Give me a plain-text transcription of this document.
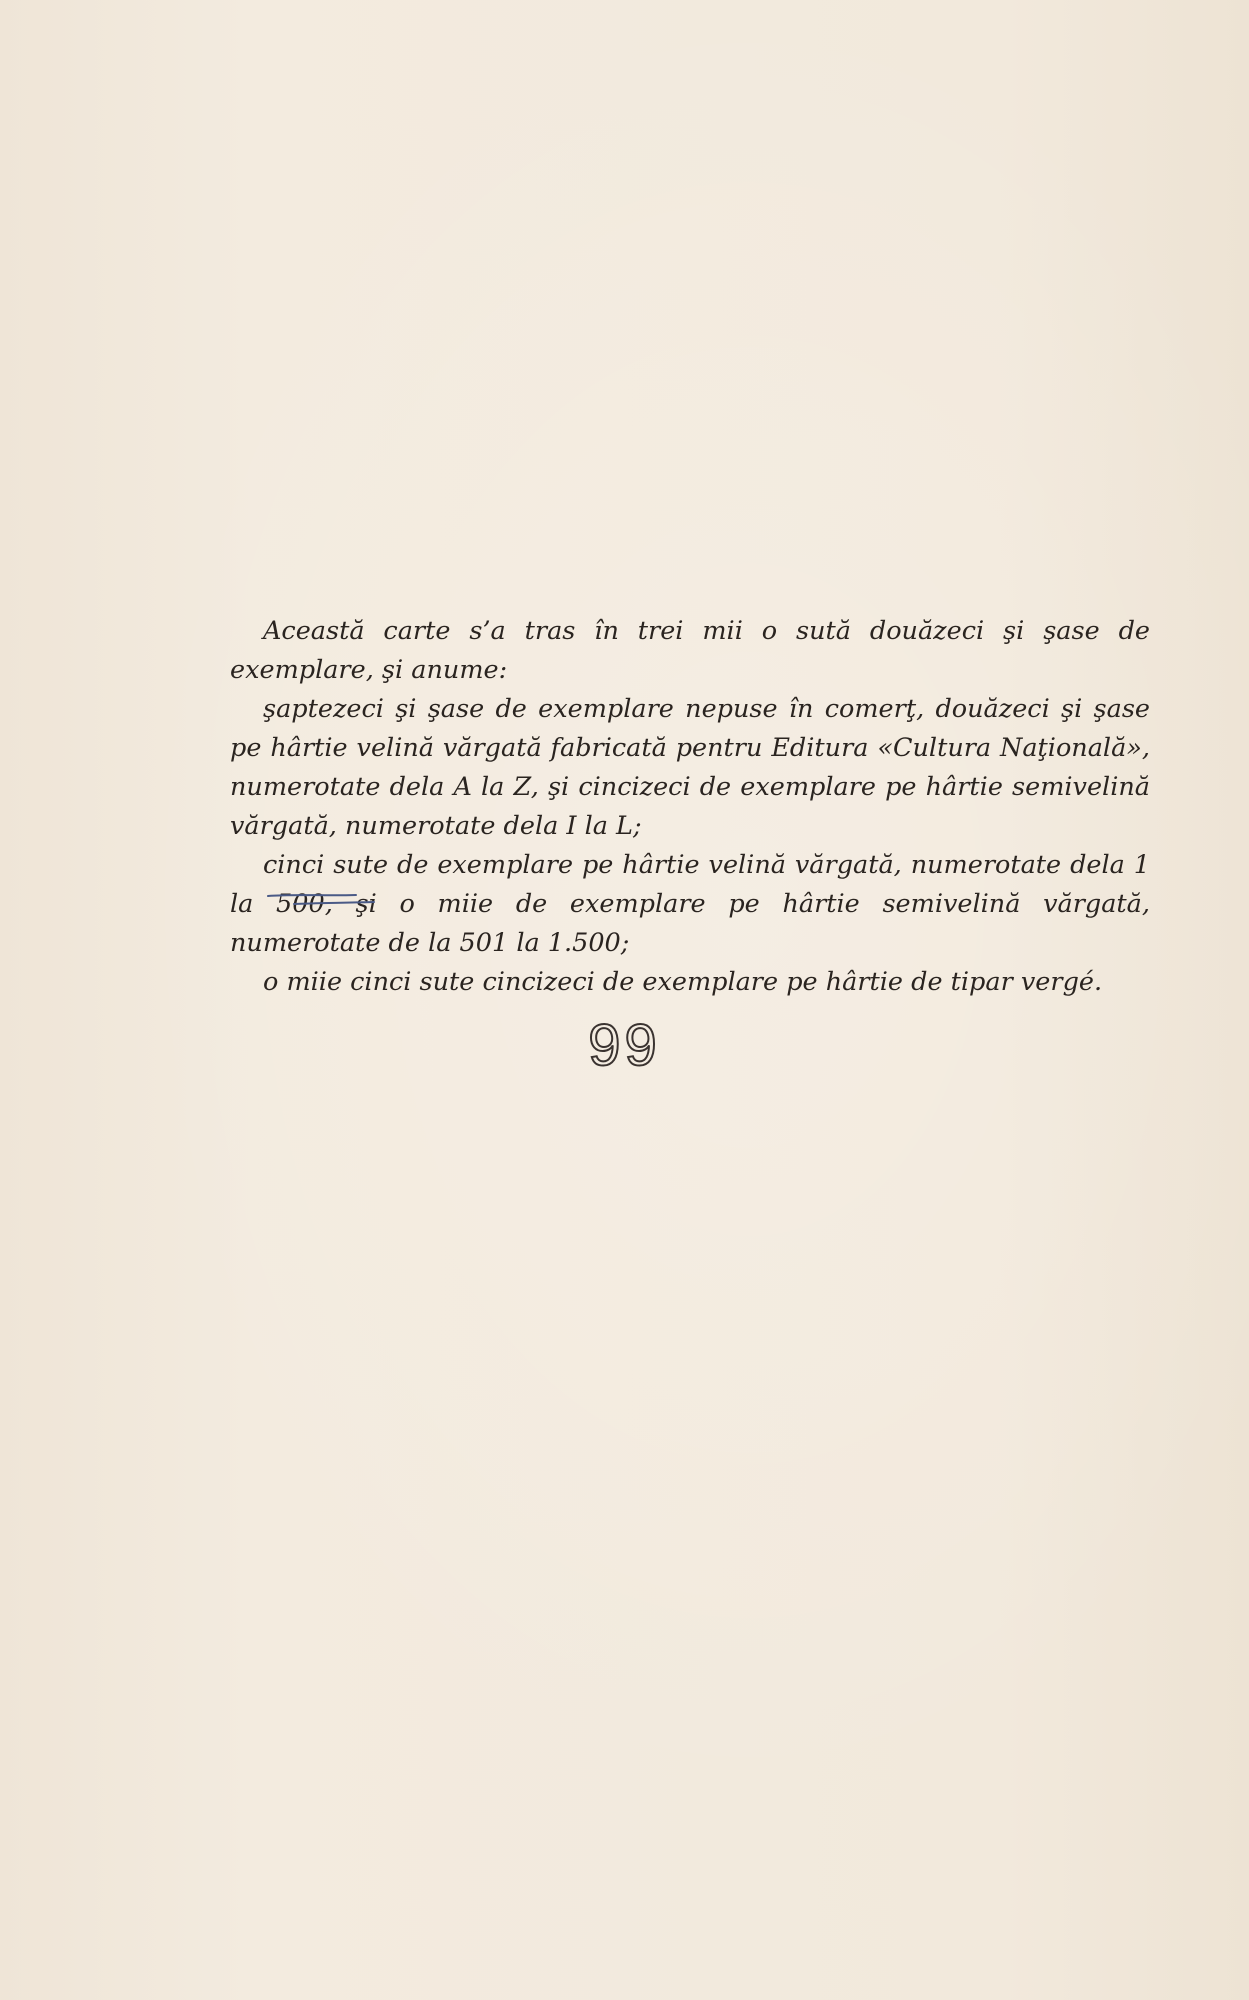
Această carte s’a tras în trei mii o sută douăzeci şi şase de exemplare, şi anume:

şaptezeci şi şase de exemplare nepuse în comerţ, douăzeci şi şase pe hârtie velină vărgată fabricată pentru Editura «Cultura Naţională», numerotate dela A la Z, şi cincizeci de exemplare pe hârtie semivelină vărgată, numerotate dela I la L;

cinci sute de exemplare pe hârtie velină vărgată, numerotate dela 1 la 500, şi o miie de exemplare pe hârtie semivelină vărgată, numerotate de la 501 la 1.500;

o miie cinci sute cincizeci de exemplare pe hârtie de tipar vergé.

99
